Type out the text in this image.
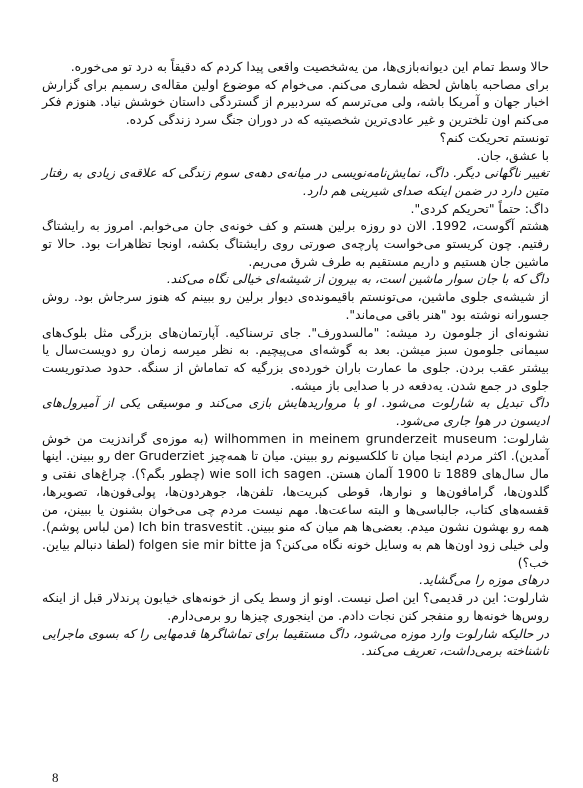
حالا وسط تمام این دیوانه‌بازی‌ها، من یه‌شخصیت واقعی پیدا کردم که دقیقاً به درد تو می‌خوره.

برای مصاحبه باهاش لحظه شماری می‌کنم. می‌خوام که موضوع اولین مقاله‌ی رسمیم برای گزارش اخبار جهان و آمریکا باشه، ولی می‌ترسم که سردبیرم از گستردگی داستان خوشش نیاد. هنوزم فکر می‌کنم اون تلخترین و غیر عادی‌ترین شخصیتیه که در دوران جنگ سرد زندگی کرده.

تونستم تحریکت کنم؟

با عشق، جان.

تغییر ناگهانی دیگر. داگ، نمایش‌نامه‌نویسی در میانه‌ی دهه‌ی سوم زندگی که علاقه‌ی زیادی به رفتار متین دارد در ضمن اینکه صدای شیرینی هم دارد.

داگ: حتماً "تحریکم کردی".

هشتم آگوست، 1992. الان دو روزه برلین هستم و کف خونه‌ی جان می‌خوابم. امروز به رایشتاگ رفتیم. چون کریستو می‌خواست پارچه‌ی صورتی روی رایشتاگ بکشه، اونجا تظاهرات بود. حالا تو ماشین جان هستیم و داریم مستقیم به طرف شرق می‌ریم.

داگ که با جان سوار ماشین است، به بیرون از شیشه‌ای خیالی نگاه می‌کند.

از شیشه‌ی جلوی ماشین، می‌تونستم باقیمونده‌ی دیوار برلین رو ببینم که هنوز سرجاش بود. روش جسورانه نوشته بود "هنر باقی می‌ماند".

نشونه‌ای از جلومون رد میشه: "مالسدورف". جای ترسناکیه. آپارتمان‌های بزرگی مثل بلوک‌های سیمانی جلومون سبز میشن. بعد به گوشه‌ای می‌پیچیم. به نظر میرسه زمان رو دویست‌سال یا بیشتر عقب بردن. جلوی ما عمارت باران خورده‌ی بزرگیه که تماماش از سنگه. حدود صدتوریست جلوی در جمع شدن. یه‌دفعه در با صدایی باز میشه.

داگ تبدیل به شارلوت می‌شود. او با مرواریدهایش بازی می‌کند و موسیقی یکی از آمیرول‌های ادیسون در هوا جاری می‌شود.

شارلوت: wilhommen in meinem grunderzeit museum (به موزه‌ی گراندزیت من خوش آمدین). اکثر مردم اینجا میان تا کلکسیونم رو ببینن. میان تا همه‌چیز der Gruderziet رو ببینن. اینها مال سال‌های 1889 تا 1900 آلمان هستن. wie soll ich sagen (چطور بگم؟). چراغ‌های نفتی و گلدون‌ها، گرامافون‌ها و نوارها، قوطی کبریت‌ها، تلفن‌ها، جوهردون‌ها، پولی‌فون‌ها، تصویرها، قفسه‌های کتاب، جالباسی‌ها و البته ساعت‌ها. مهم نیست مردم چی می‌خوان بشنون یا ببینن، من همه رو بهشون نشون میدم. بعضی‌ها هم میان که منو ببینن. Ich bin trasvestit (من لباس پوشم). ولی خیلی زود اون‌ها هم به وسایل خونه نگاه می‌کنن؟ folgen sie mir bitte ja (لطفا دنبالم بیاین. خب؟)

درهای موزه را می‌گشاید.

شارلوت: این در قدیمی؟ این اصل نیست. اونو از وسط یکی از خونه‌های خیابون پرندلار قبل از اینکه روس‌ها خونه‌ها رو منفجر کنن نجات دادم. من اینجوری چیزها رو برمی‌دارم.

در حالیکه شارلوت وارد موزه می‌شود، داگ مستقیما برای تماشاگرها قدمهایی را که بسوی ماجرایی ناشناخته برمی‌داشت، تعریف می‌کند.

8
